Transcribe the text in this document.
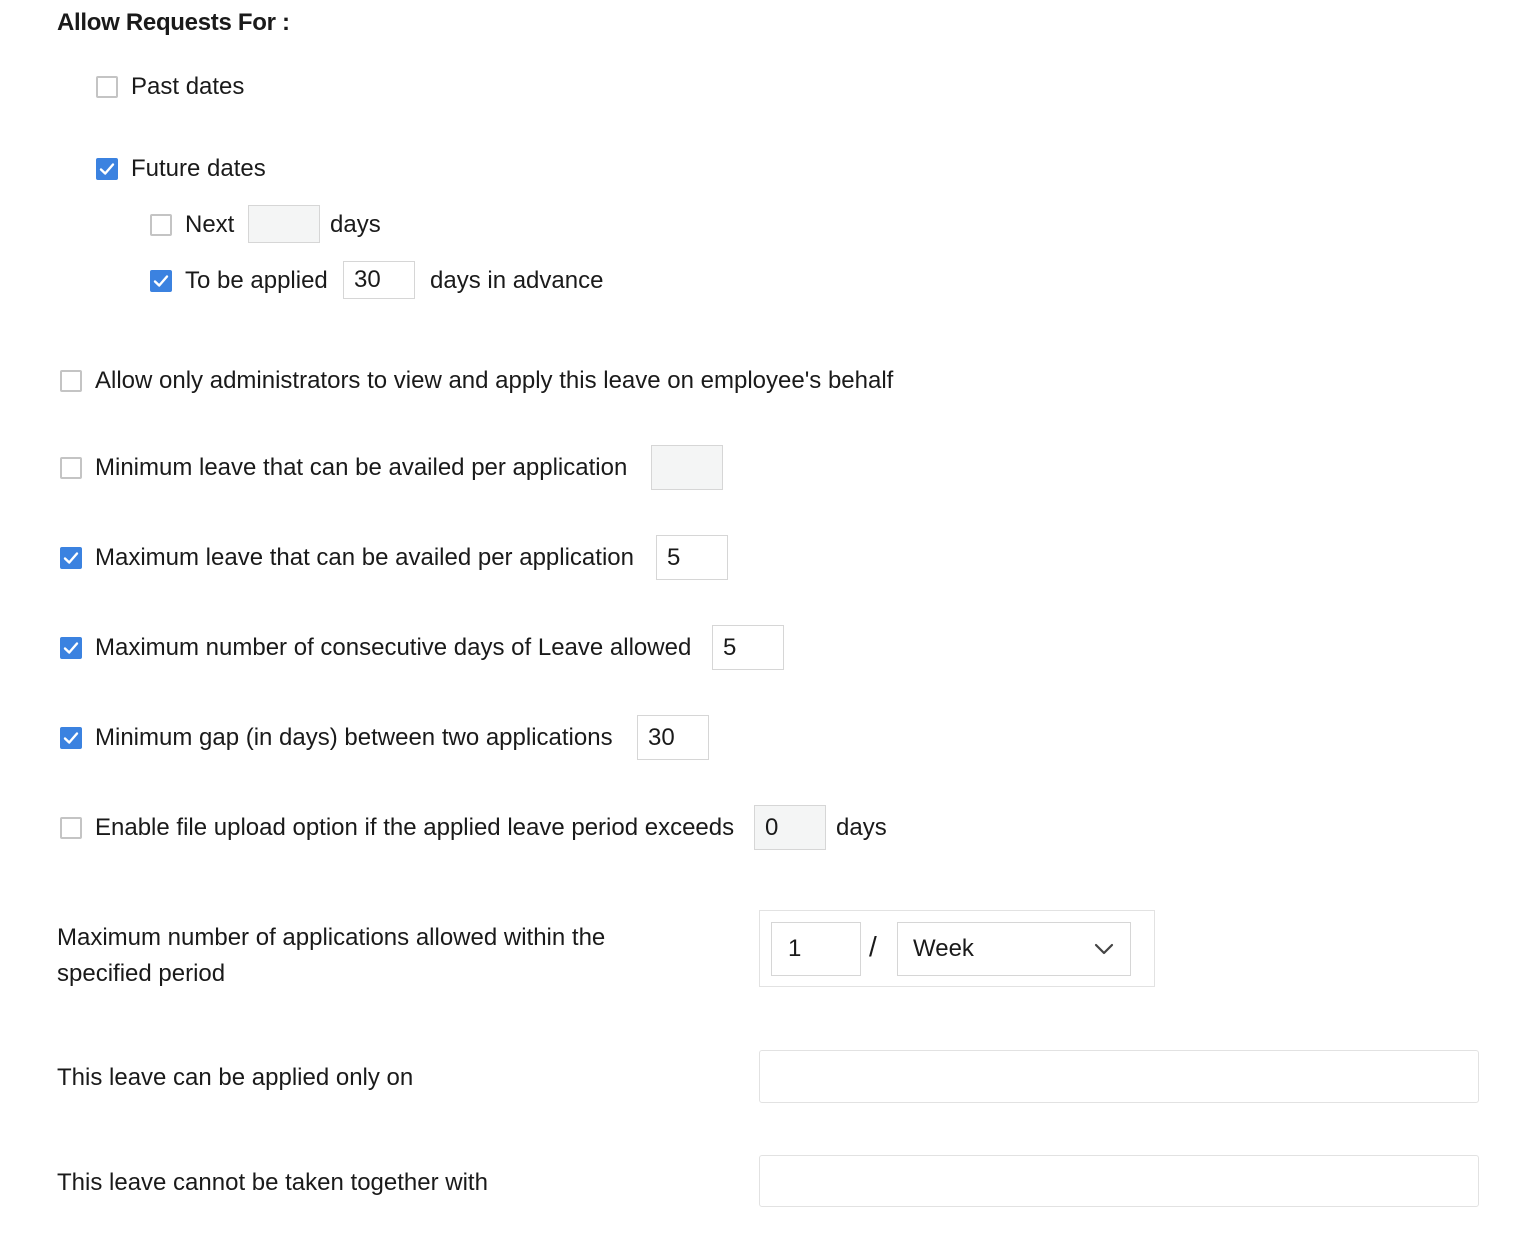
Allow Requests For :
Past dates
Future dates
Next	days
To be applied	30	days in advance
Allow only administrators to view and apply this leave on employee's behalf
Minimum leave that can be availed per application
Maximum leave that can be availed per application	5
Maximum number of consecutive days of Leave allowed	5
Minimum gap (in days) between two applications	30
Enable file upload option if the applied leave period exceeds	0	days
Maximum number of applications allowed within the
specified period
1	/	Week
This leave can be applied only on
This leave cannot be taken together with
